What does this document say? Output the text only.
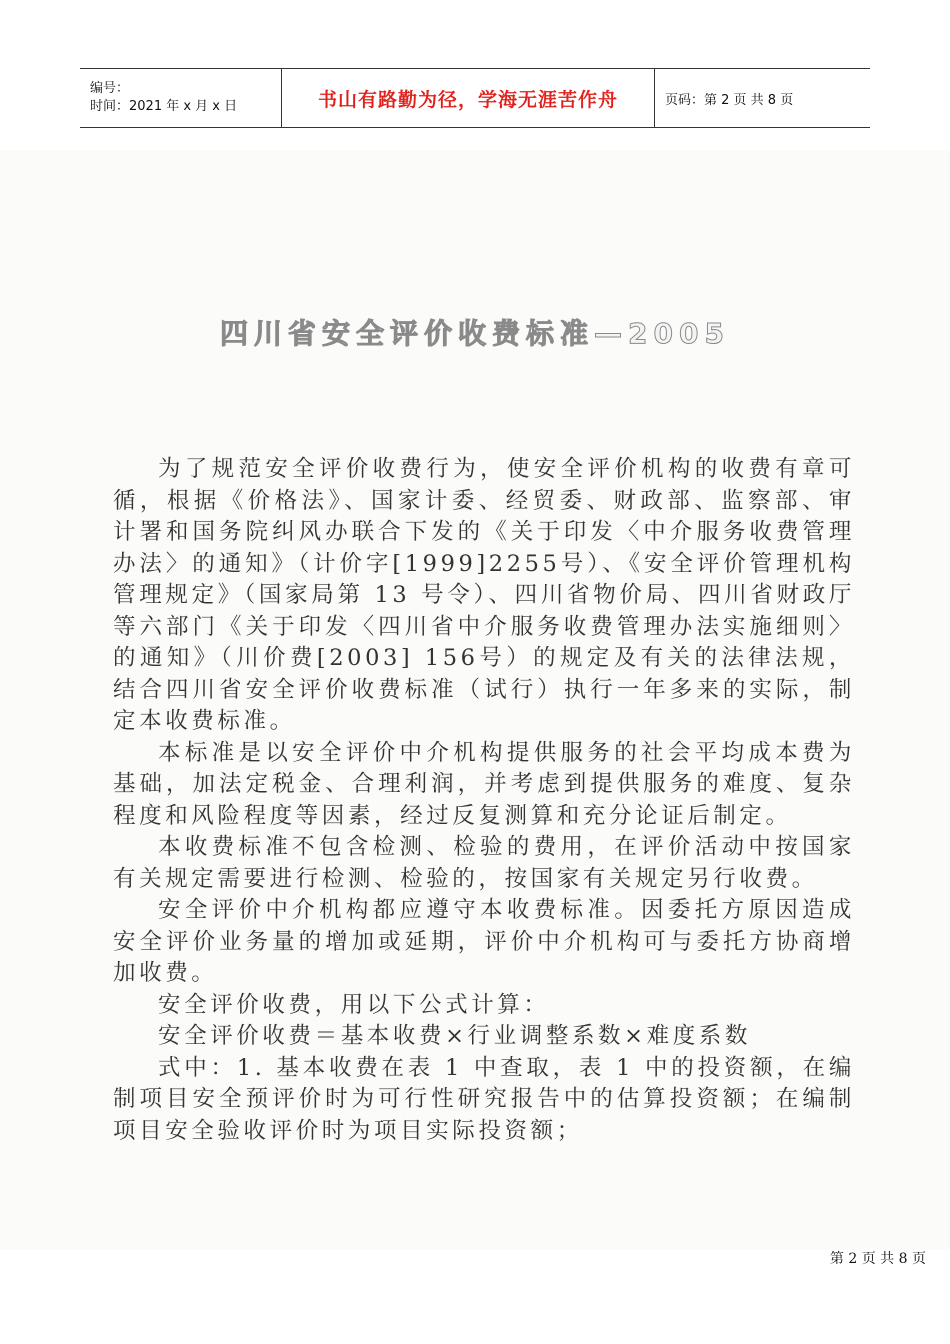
编号：
时间：2021 年 x 月 x 日	书山有路勤为径，学海无涯苦作舟	页码：第 2 页 共 8 页
四川省安全评价收费标准—2005

为了规范安全评价收费行为，使安全评价机构的收费有章可循，根据《价格法》、国家计委、经贸委、财政部、监察部、审计署和国务院纠风办联合下发的《关于印发〈中介服务收费管理办法〉的通知》（计价字[1999]2255号）、《安全评价管理机构管理规定》（国家局第 13 号令）、四川省物价局、四川省财政厅等六部门《关于印发〈四川省中介服务收费管理办法实施细则〉的通知》（川价费[2003] 156号）的规定及有关的法律法规，结合四川省安全评价收费标准（试行）执行一年多来的实际，制定本收费标准。

本标准是以安全评价中介机构提供服务的社会平均成本费为基础，加法定税金、合理利润，并考虑到提供服务的难度、复杂程度和风险程度等因素，经过反复测算和充分论证后制定。

本收费标准不包含检测、检验的费用，在评价活动中按国家有关规定需要进行检测、检验的，按国家有关规定另行收费。

安全评价中介机构都应遵守本收费标准。因委托方原因造成安全评价业务量的增加或延期，评价中介机构可与委托方协商增加收费。

安全评价收费，用以下公式计算：

安全评价收费＝基本收费×行业调整系数×难度系数

式中：1. 基本收费在表 1 中查取，表 1 中的投资额，在编制项目安全预评价时为可行性研究报告中的估算投资额；在编制项目安全验收评价时为项目实际投资额；

第 2 页 共 8 页
